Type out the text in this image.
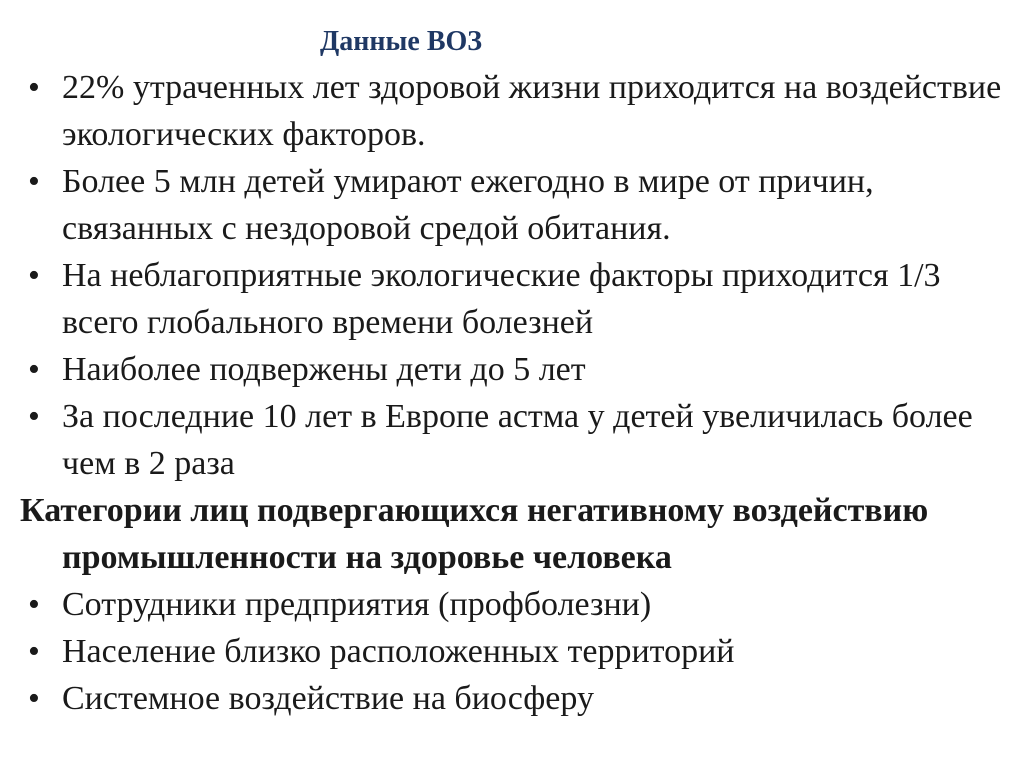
Данные ВОЗ
• 22% утраченных лет здоровой жизни приходится на воздействие экологических факторов.
• Более 5 млн детей умирают ежегодно в мире от причин, связанных с нездоровой средой обитания.
• На неблагоприятные экологические факторы приходится 1/3 всего глобального времени болезней
• Наиболее подвержены дети до 5 лет
• За последние 10 лет в Европе астма у детей увеличилась более чем в 2 раза
Категории лиц подвергающихся негативному воздействию промышленности на здоровье человека
• Сотрудники предприятия (профболезни)
• Население близко расположенных территорий
• Системное воздействие на биосферу
